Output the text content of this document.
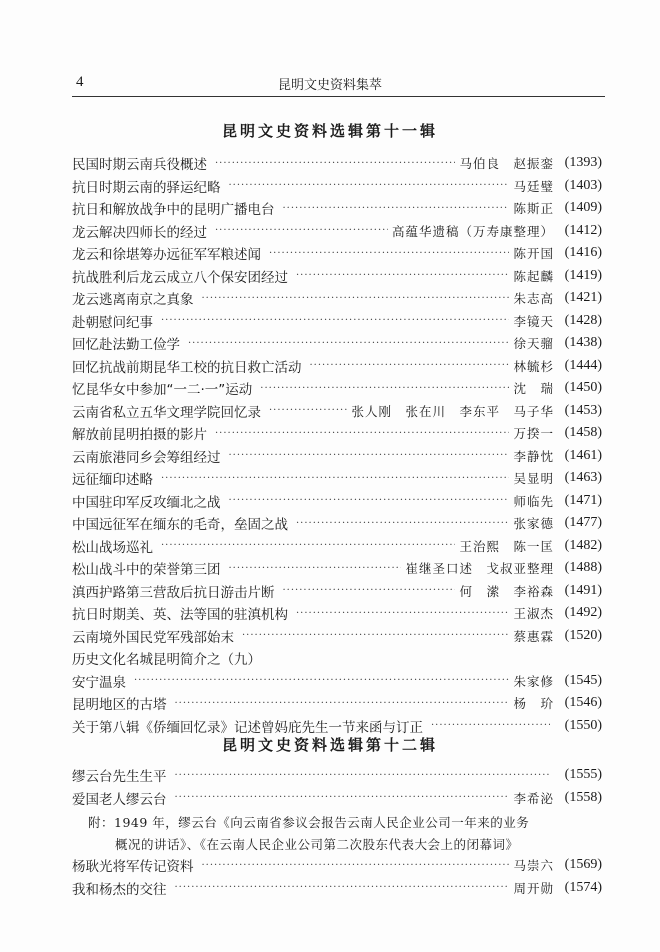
4	昆明文史资料集萃
昆明文史资料选辑第十一辑
民国时期云南兵役概述 ·····	马伯良　赵振銮 (1393)
抗日时期云南的驿运纪略 ·····	马廷璧 (1403)
抗日和解放战争中的昆明广播电台 ·····	陈斯正 (1409)
龙云解决四师长的经过 ·····	高蕴华遗稿（万寿康整理） (1412)
龙云和徐堪筹办远征军军粮述闻 ·····	陈开国 (1416)
抗战胜利后龙云成立八个保安团经过 ·····	陈起麟 (1419)
龙云逃离南京之真象 ·····	朱志高 (1421)
赴朝慰问纪事 ·····	李镜天 (1428)
回忆赴法勤工俭学 ·····	徐天骝 (1438)
回忆抗战前期昆华工校的抗日救亡活动 ·····	林毓杉 (1444)
忆昆华女中参加“一二·一”运动 ·····	沈　瑞 (1450)
云南省私立五华文理学院回忆录 ·····	张人刚　张在川　李东平　马子华 (1453)
解放前昆明拍摄的影片 ·····	万揆一 (1458)
云南旅港同乡会筹组经过 ·····	李静忱 (1461)
远征缅印述略 ·····	吴显明 (1463)
中国驻印军反攻缅北之战 ·····	师临先 (1471)
中国远征军在缅东的毛奇，垒固之战 ·····	张家德 (1477)
松山战场巡礼 ·····	王治熙　陈一匡 (1482)
松山战斗中的荣誉第三团 ·····	崔继圣口述　戈叔亚整理 (1488)
滇西护路第三营敌后抗日游击片断 ·····	何　潆　李裕森 (1491)
抗日时期美、英、法等国的驻滇机构 ·····	王淑杰 (1492)
云南境外国民党军残部始末 ·····	蔡惠霖 (1520)
历史文化名城昆明简介之（九）
安宁温泉 ·····	朱家修 (1545)
昆明地区的古塔 ·····	杨　玠 (1546)
关于第八辑《侨缅回忆录》记述曾妈庇先生一节来函与订正 ·····	(1550)
昆明文史资料选辑第十二辑
缪云台先生生平 ·····	(1555)
爱国老人缪云台 ·····	李希泌 (1558)
附：1949 年，缪云台《向云南省参议会报告云南人民企业公司一年来的业务
概况的讲话》、《在云南人民企业公司第二次股东代表大会上的闭幕词》
杨耿光将军传记资料 ·····	马崇六 (1569)
我和杨杰的交往 ·····	周开勋 (1574)
